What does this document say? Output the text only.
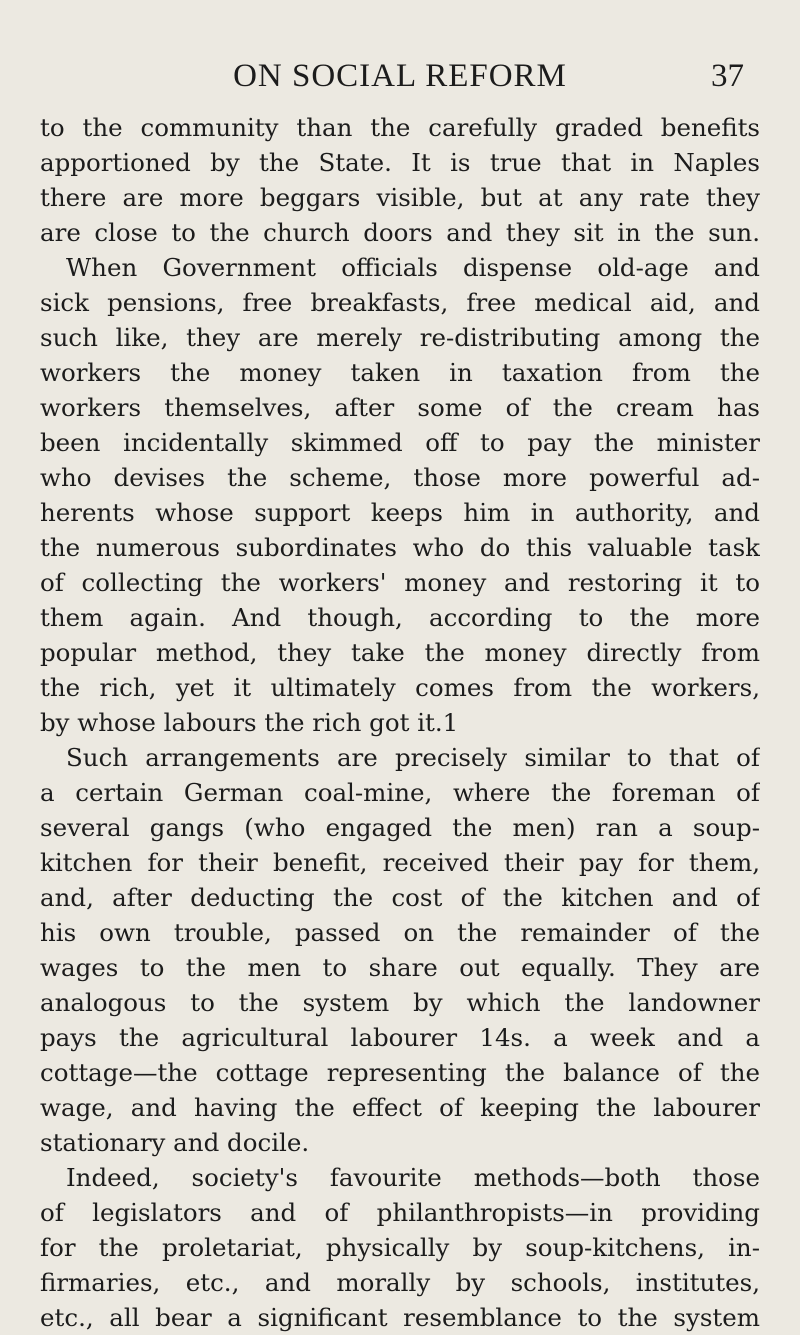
ON SOCIAL REFORM	37
to the community than the carefully graded benefits
apportioned by the State. It is true that in Naples
there are more beggars visible, but at any rate they
are close to the church doors and they sit in the sun.
When Government officials dispense old-age and
sick pensions, free breakfasts, free medical aid, and
such like, they are merely re-distributing among the
workers the money taken in taxation from the
workers themselves, after some of the cream has
been incidentally skimmed off to pay the minister
who devises the scheme, those more powerful ad-
herents whose support keeps him in authority, and
the numerous subordinates who do this valuable task
of collecting the workers' money and restoring it to
them again. And though, according to the more
popular method, they take the money directly from
the rich, yet it ultimately comes from the workers,
by whose labours the rich got it.1
Such arrangements are precisely similar to that of
a certain German coal-mine, where the foreman of
several gangs (who engaged the men) ran a soup-
kitchen for their benefit, received their pay for them,
and, after deducting the cost of the kitchen and of
his own trouble, passed on the remainder of the
wages to the men to share out equally. They are
analogous to the system by which the landowner
pays the agricultural labourer 14s. a week and a
cottage—the cottage representing the balance of the
wage, and having the effect of keeping the labourer
stationary and docile.
Indeed, society's favourite methods—both those
of legislators and of philanthropists—in providing
for the proletariat, physically by soup-kitchens, in-
firmaries, etc., and morally by schools, institutes,
etc., all bear a significant resemblance to the system
